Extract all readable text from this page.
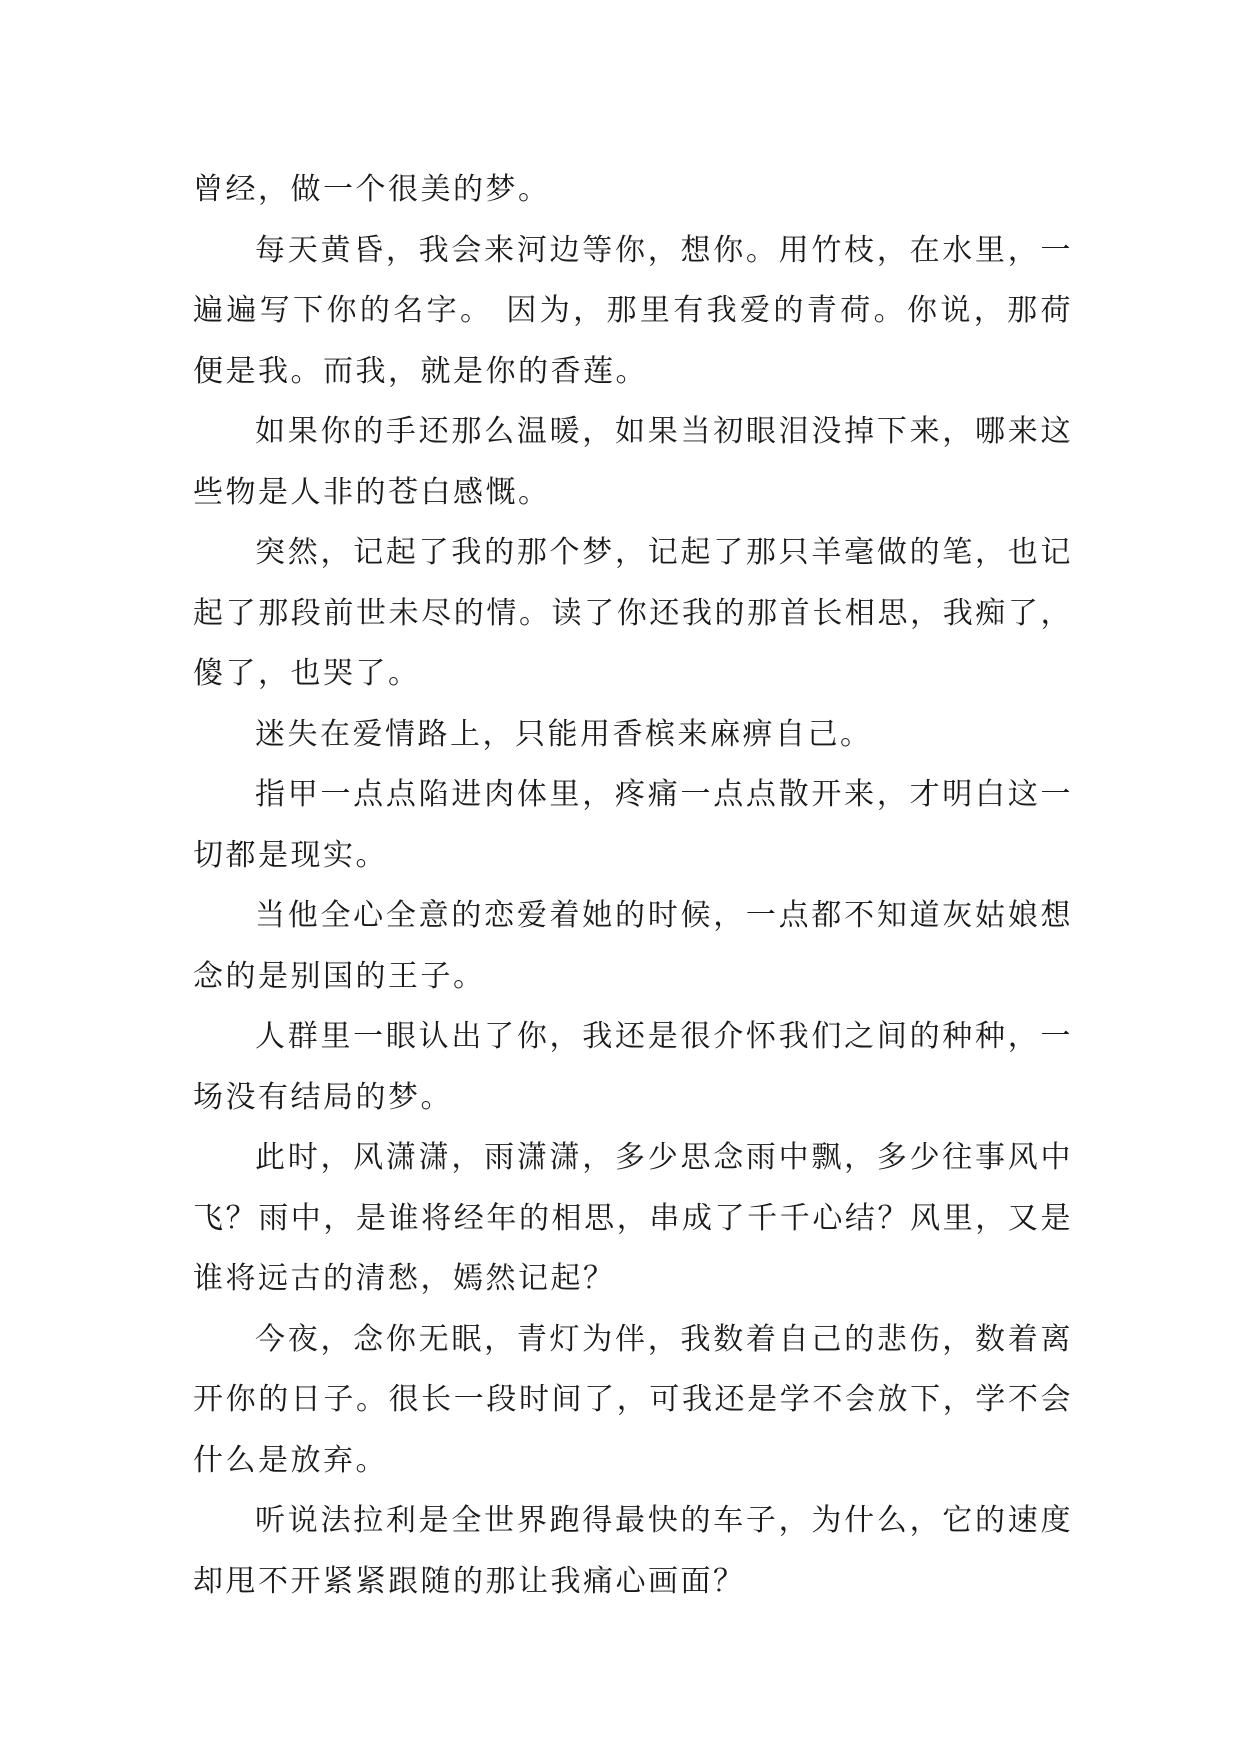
曾经，做一个很美的梦。

每天黄昏，我会来河边等你，想你。用竹枝，在水里，一遍遍写下你的名字。 因为，那里有我爱的青荷。你说，那荷便是我。而我，就是你的香莲。

如果你的手还那么温暖，如果当初眼泪没掉下来，哪来这些物是人非的苍白感慨。

突然，记起了我的那个梦，记起了那只羊毫做的笔，也记起了那段前世未尽的情。读了你还我的那首长相思，我痴了，傻了，也哭了。

迷失在爱情路上，只能用香槟来麻痹自己。

指甲一点点陷进肉体里，疼痛一点点散开来，才明白这一切都是现实。

当他全心全意的恋爱着她的时候，一点都不知道灰姑娘想念的是别国的王子。

人群里一眼认出了你，我还是很介怀我们之间的种种，一场没有结局的梦。

此时，风潇潇，雨潇潇，多少思念雨中飘，多少往事风中飞？雨中，是谁将经年的相思，串成了千千心结？风里，又是谁将远古的清愁，嫣然记起？

今夜，念你无眠，青灯为伴，我数着自己的悲伤，数着离开你的日子。很长一段时间了，可我还是学不会放下，学不会什么是放弃。

听说法拉利是全世界跑得最快的车子，为什么，它的速度却甩不开紧紧跟随的那让我痛心画面？
